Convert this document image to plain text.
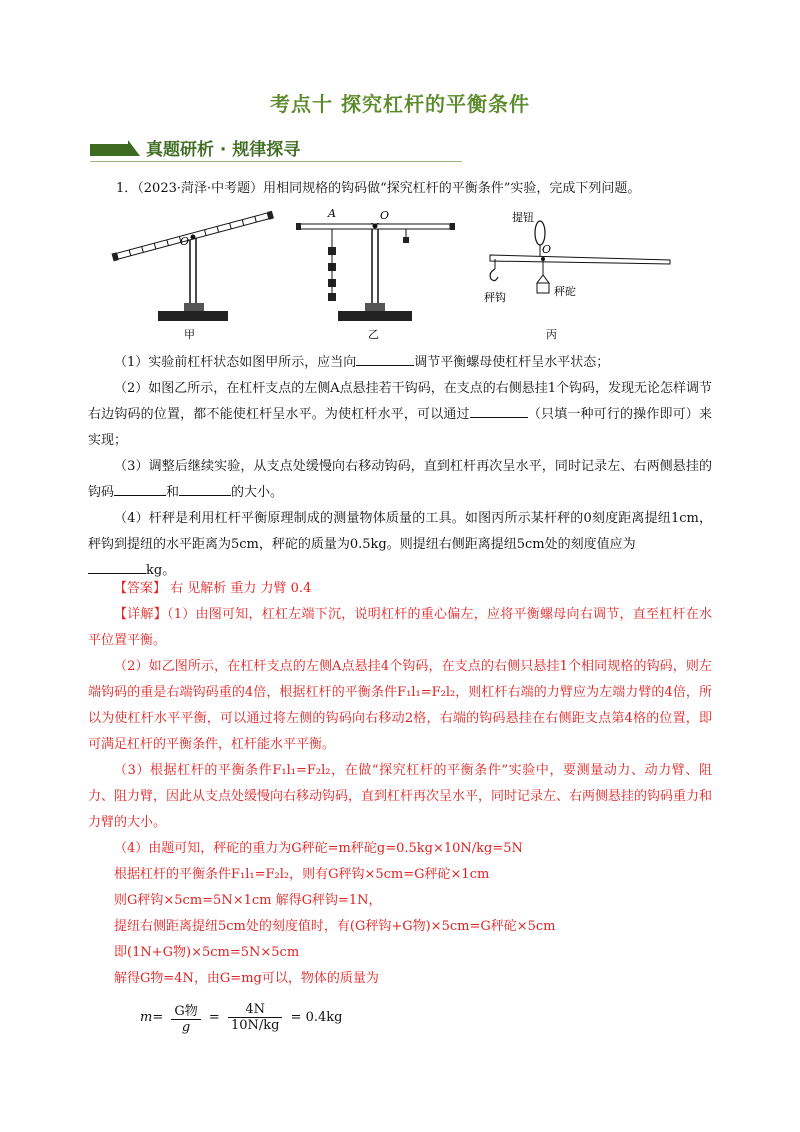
考点十 探究杠杆的平衡条件
真题研析 · 规律探寻
1．（2023·菏泽·中考题）用相同规格的钩码做“探究杠杆的平衡条件”实验，完成下列问题。
O
甲
A	O
乙
提钮
O
秤钩	秤砣
丙
（1）实验前杠杆状态如图甲所示，应当向	调节平衡螺母使杠杆呈水平状态；
（2）如图乙所示，在杠杆支点的左侧A点悬挂若干钩码，在支点的右侧悬挂1个钩码，发现无论怎样调节右边钩码的位置，都不能使杠杆呈水平。为使杠杆水平，可以通过	（只填一种可行的操作即可）来实现；
（3）调整后继续实验，从支点处缓慢向右移动钩码，直到杠杆再次呈水平，同时记录左、右两侧悬挂的钩码	和	的大小。
（4）杆秤是利用杠杆平衡原理制成的测量物体质量的工具。如图丙所示某杆秤的0刻度距离提纽1cm，秤钩到提纽的水平距离为5cm，秤砣的质量为0.5kg。则提纽右侧距离提纽5cm处的刻度值应为
kg。
【答案】 右 见解析 重力 力臂 0.4
【详解】（1）由图可知，杠杠左端下沉，说明杠杆的重心偏左，应将平衡螺母向右调节，直至杠杆在水平位置平衡。
（2）如乙图所示，在杠杆支点的左侧A点悬挂4个钩码，在支点的右侧只悬挂1个相同规格的钩码，则左端钩码的重是右端钩码重的4倍，根据杠杆的平衡条件F₁l₁=F₂l₂，则杠杆右端的力臂应为左端力臂的4倍，所以为使杠杆水平平衡，可以通过将左侧的钩码向右移动2格，右端的钩码悬挂在右侧距支点第4格的位置，即可满足杠杆的平衡条件，杠杆能水平平衡。
（3）根据杠杆的平衡条件F₁l₁=F₂l₂，在做“探究杠杆的平衡条件”实验中，要测量动力、动力臂、阻力、阻力臂，因此从支点处缓慢向右移动钩码，直到杠杆再次呈水平，同时记录左、右两侧悬挂的钩码重力和力臂的大小。
（4）由题可知，秤砣的重力为G秤砣=m秤砣g=0.5kg×10N/kg=5N
根据杠杆的平衡条件F₁l₁=F₂l₂，则有G秤钩×5cm=G秤砣×1cm
则G秤钩×5cm=5N×1cm 解得G秤钩=1N，
提纽右侧距离提纽5cm处的刻度值时，有(G秤钩+G物)×5cm=G秤砣×5cm
即(1N+G物)×5cm=5N×5cm
解得G物=4N，由G=mg可以，物体的质量为
$m= \frac{\text{G物}}{g} = \frac{4N}{10N/kg} = 0.4kg$
